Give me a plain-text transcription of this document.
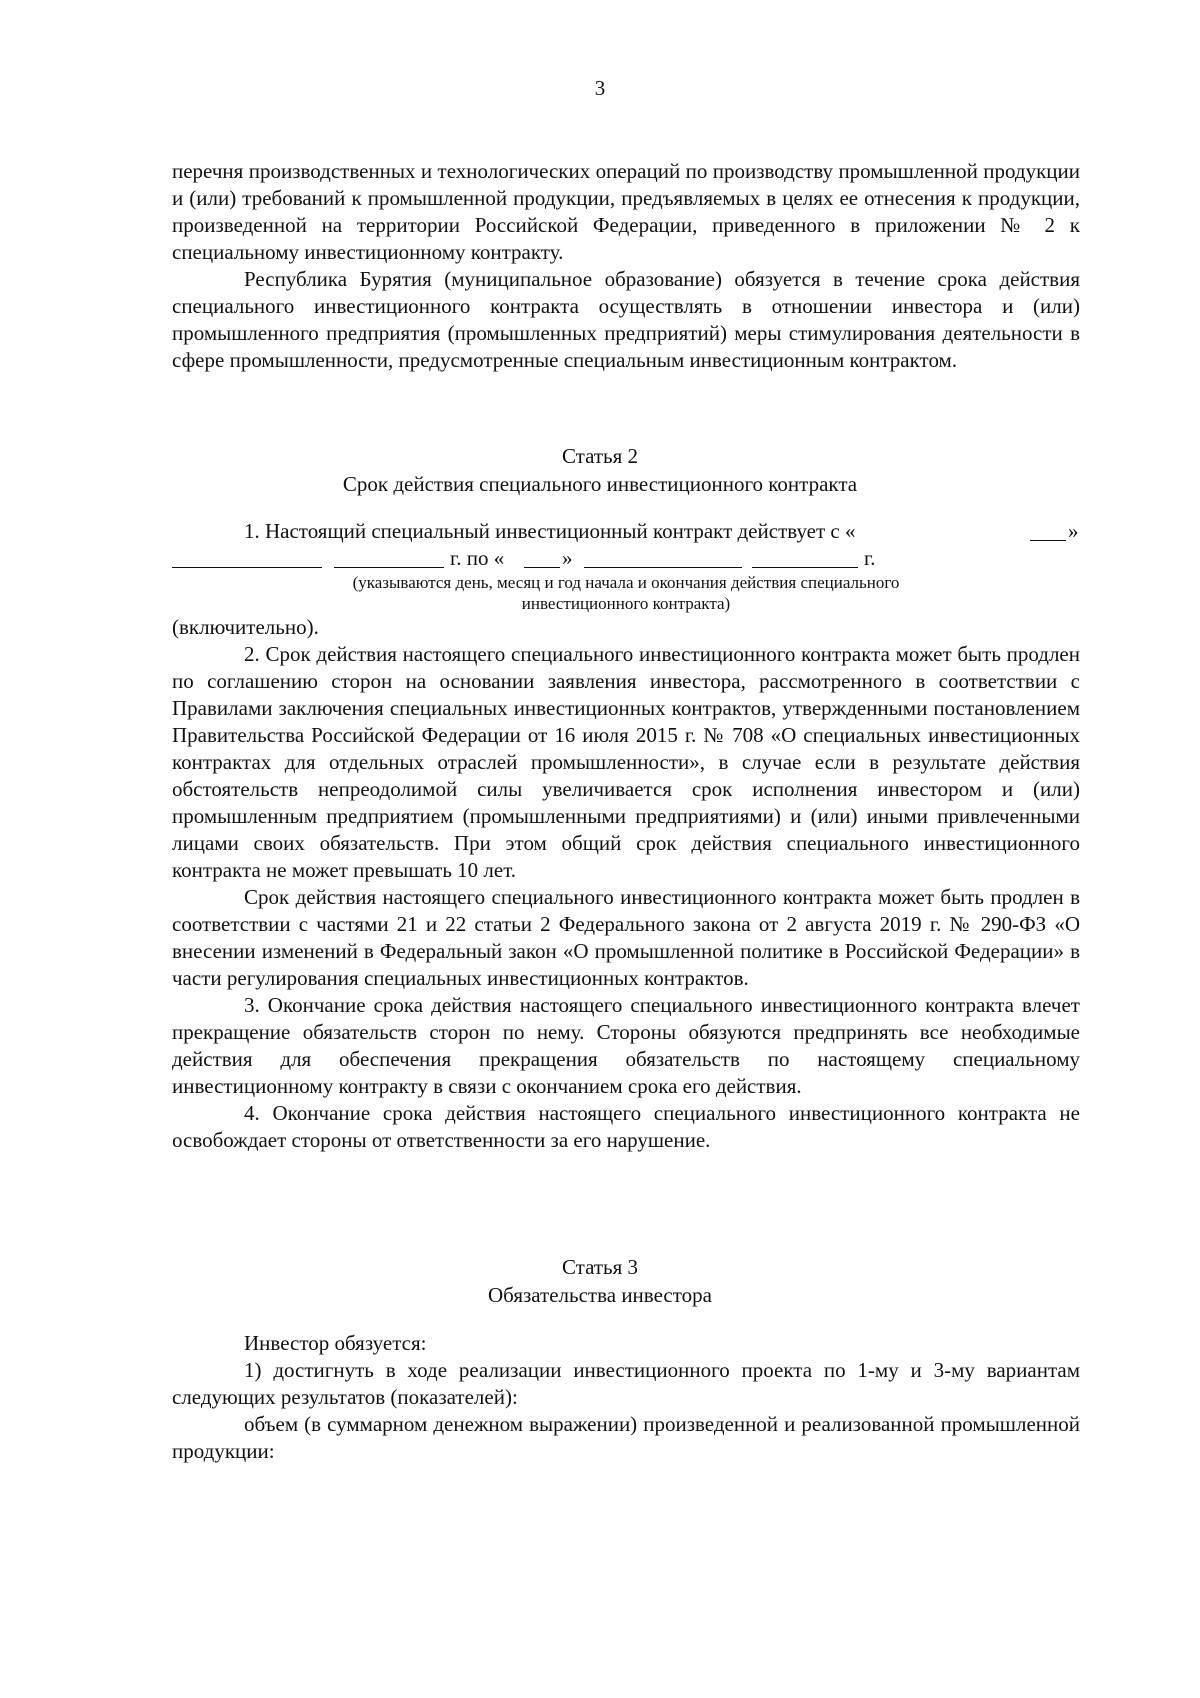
3

перечня производственных и технологических операций по производству промышленной продукции и (или) требований к промышленной продукции, предъявляемых в целях ее отнесения к продукции, произведенной на территории Российской Федерации, приведенного в приложении № 2 к специальному инвестиционному контракту.

Республика Бурятия (муниципальное образование) обязуется в течение срока действия специального инвестиционного контракта осуществлять в отношении инвестора и (или) промышленного предприятия (промышленных предприятий) меры стимулирования деятельности в сфере промышленности, предусмотренные специальным инвестиционным контрактом.

Статья 2
Срок действия специального инвестиционного контракта
1. Настоящий специальный инвестиционный контракт действует с «	»
г. по «	»	г.
(указываются день, месяц и год начала и окончания действия специального
инвестиционного контракта)

(включительно).

2. Срок действия настоящего специального инвестиционного контракта может быть продлен по соглашению сторон на основании заявления инвестора, рассмотренного в соответствии с Правилами заключения специальных инвестиционных контрактов, утвержденными постановлением Правительства Российской Федерации от 16 июля 2015 г. № 708 «О специальных инвестиционных контрактах для отдельных отраслей промышленности», в случае если в результате действия обстоятельств непреодолимой силы увеличивается срок исполнения инвестором и (или) промышленным предприятием (промышленными предприятиями) и (или) иными привлеченными лицами своих обязательств. При этом общий срок действия специального инвестиционного контракта не может превышать 10 лет.

Срок действия настоящего специального инвестиционного контракта может быть продлен в соответствии с частями 21 и 22 статьи 2 Федерального закона от 2 августа 2019 г. № 290-ФЗ «О внесении изменений в Федеральный закон «О промышленной политике в Российской Федерации» в части регулирования специальных инвестиционных контрактов.

3. Окончание срока действия настоящего специального инвестиционного контракта влечет прекращение обязательств сторон по нему. Стороны обязуются предпринять все необходимые действия для обеспечения прекращения обязательств по настоящему специальному инвестиционному контракту в связи с окончанием срока его действия.

4. Окончание срока действия настоящего специального инвестиционного контракта не освобождает стороны от ответственности за его нарушение.

Статья 3
Обязательства инвестора

Инвестор обязуется:

1) достигнуть в ходе реализации инвестиционного проекта по 1-му и 3-му вариантам следующих результатов (показателей):

объем (в суммарном денежном выражении) произведенной и реализованной промышленной продукции:
